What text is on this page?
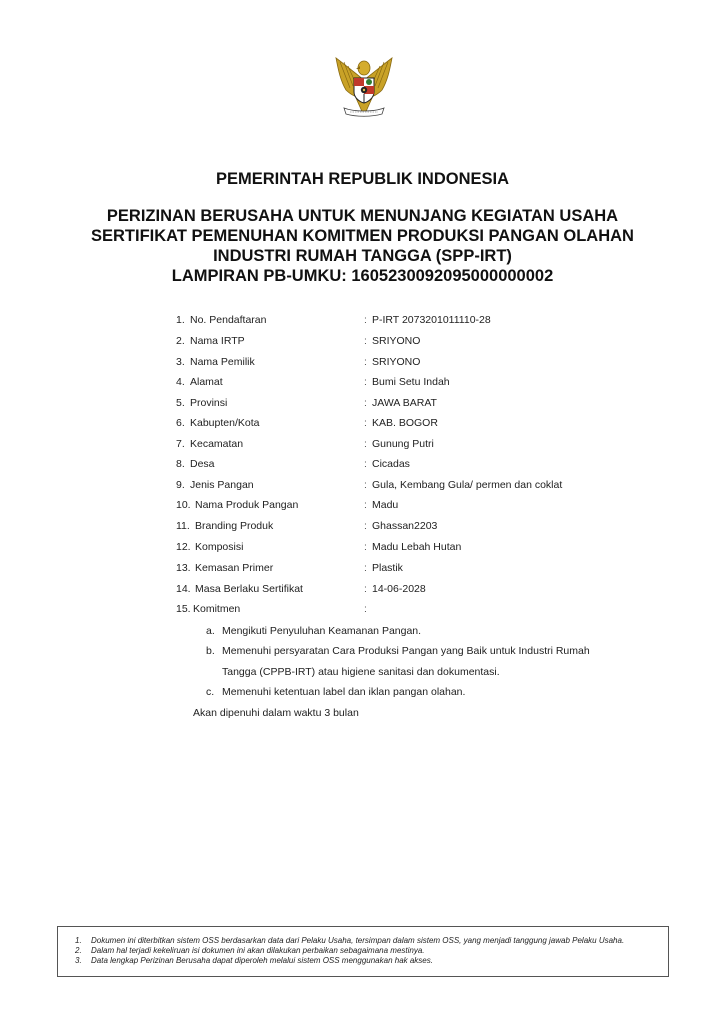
PEMERINTAH REPUBLIK INDONESIA
PERIZINAN BERUSAHA UNTUK MENUNJANG KEGIATAN USAHA
SERTIFIKAT PEMENUHAN KOMITMEN PRODUKSI PANGAN OLAHAN
INDUSTRI RUMAH TANGGA (SPP-IRT)
LAMPIRAN PB-UMKU: 1605230092095000000002
1. No. Pendaftaran	: P-IRT 2073201011110-28
2. Nama IRTP	: SRIYONO
3. Nama Pemilik	: SRIYONO
4. Alamat	: Bumi Setu Indah
5. Provinsi	: JAWA BARAT
6. Kabupten/Kota	: KAB. BOGOR
7. Kecamatan	: Gunung Putri
8. Desa	: Cicadas
9. Jenis Pangan	: Gula, Kembang Gula/ permen dan coklat
10. Nama Produk Pangan	: Madu
11. Branding Produk	: Ghassan2203
12. Komposisi	: Madu Lebah Hutan
13. Kemasan Primer	: Plastik
14. Masa Berlaku Sertifikat	: 14-06-2028
15. Komitmen	:
a. Mengikuti Penyuluhan Keamanan Pangan.
b. Memenuhi persyaratan Cara Produksi Pangan yang Baik untuk Industri Rumah
Tangga (CPPB-IRT) atau higiene sanitasi dan dokumentasi.
c. Memenuhi ketentuan label dan iklan pangan olahan.
Akan dipenuhi dalam waktu 3 bulan
1. Dokumen ini diterbitkan sistem OSS berdasarkan data dari Pelaku Usaha, tersimpan dalam sistem OSS, yang menjadi tanggung jawab Pelaku Usaha.
2. Dalam hal terjadi kekeliruan isi dokumen ini akan dilakukan perbaikan sebagaimana mestinya.
3. Data lengkap Perizinan Berusaha dapat diperoleh melalui sistem OSS menggunakan hak akses.
